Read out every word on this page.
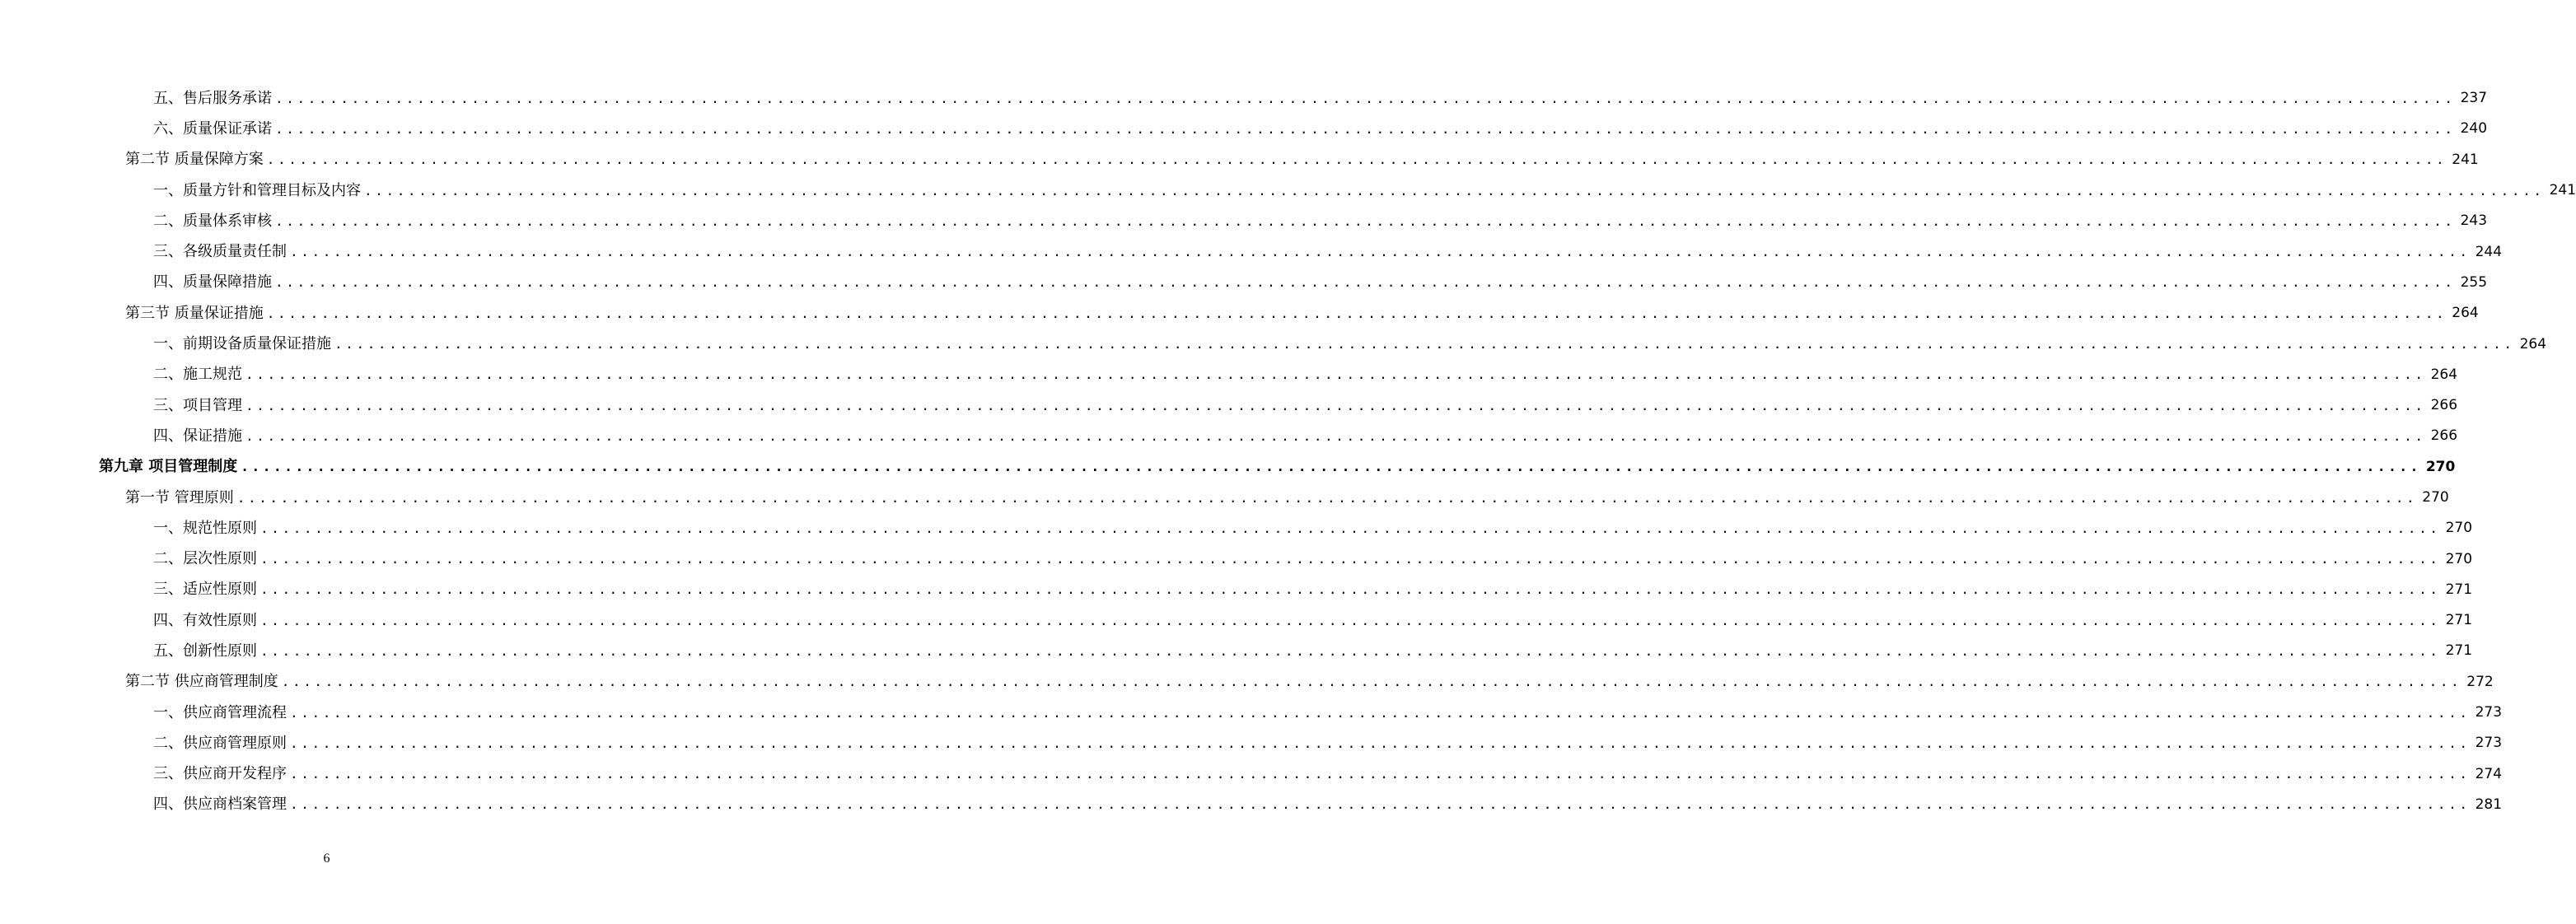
五、售后服务承诺 ........................................................................................................................................................................................................ 237
六、质量保证承诺 ........................................................................................................................................................................................................ 240
第二节 质量保障方案 ........................................................................................................................................................................................................ 241
一、质量方针和管理目标及内容 ........................................................................................................................................................................................................ 241
二、质量体系审核 ........................................................................................................................................................................................................ 243
三、各级质量责任制 ........................................................................................................................................................................................................ 244
四、质量保障措施 ........................................................................................................................................................................................................ 255
第三节 质量保证措施 ........................................................................................................................................................................................................ 264
一、前期设备质量保证措施 ........................................................................................................................................................................................................ 264
二、施工规范 ........................................................................................................................................................................................................ 264
三、项目管理 ........................................................................................................................................................................................................ 266
四、保证措施 ........................................................................................................................................................................................................ 266
第九章 项目管理制度 ........................................................................................................................................................................................................ 270
第一节 管理原则 ........................................................................................................................................................................................................ 270
一、规范性原则 ........................................................................................................................................................................................................ 270
二、层次性原则 ........................................................................................................................................................................................................ 270
三、适应性原则 ........................................................................................................................................................................................................ 271
四、有效性原则 ........................................................................................................................................................................................................ 271
五、创新性原则 ........................................................................................................................................................................................................ 271
第二节 供应商管理制度 ........................................................................................................................................................................................................ 272
一、供应商管理流程 ........................................................................................................................................................................................................ 273
二、供应商管理原则 ........................................................................................................................................................................................................ 273
三、供应商开发程序 ........................................................................................................................................................................................................ 274
四、供应商档案管理 ........................................................................................................................................................................................................ 281
6
